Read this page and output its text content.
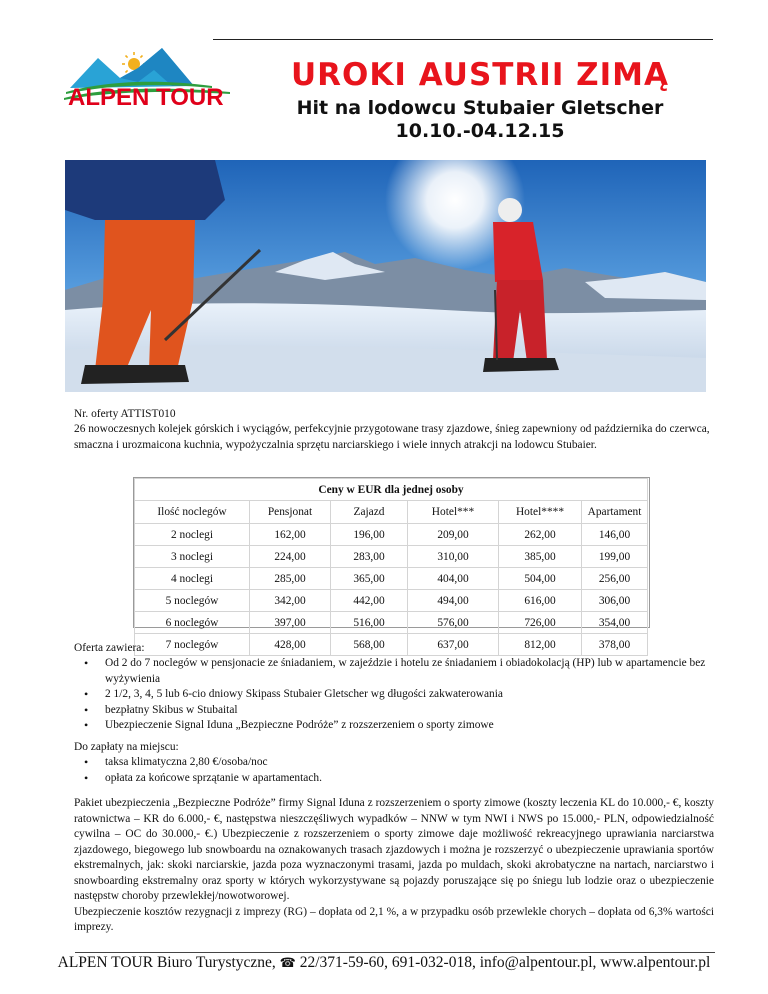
ALPEN TOUR
UROKI AUSTRII ZIMĄ
Hit na lodowcu Stubaier Gletscher
10.10.-04.12.15
Nr. oferty ATTIST010
26 nowoczesnych kolejek górskich i wyciągów, perfekcyjnie przygotowane trasy zjazdowe, śnieg zapewniony od października do czerwca, smaczna i urozmaicona kuchnia, wypożyczalnia sprzętu narciarskiego i wiele innych atrakcji na lodowcu Stubaier.
Ceny w EUR dla jednej osoby					
Ilość noclegów	Pensjonat	Zajazd	Hotel***	Hotel****	Apartament
2 noclegi	162,00	196,00	209,00	262,00	146,00
3 noclegi	224,00	283,00	310,00	385,00	199,00
4 noclegi	285,00	365,00	404,00	504,00	256,00
5 noclegów	342,00	442,00	494,00	616,00	306,00
6 noclegów	397,00	516,00	576,00	726,00	354,00
7 noclegów	428,00	568,00	637,00	812,00	378,00
Oferta zawiera:
• Od 2 do 7 noclegów w pensjonacie ze śniadaniem, w zajeździe i hotelu ze śniadaniem i obiadokolacją (HP) lub w apartamencie bez wyżywienia
• 2 1/2, 3, 4, 5 lub 6-cio dniowy Skipass Stubaier Gletscher wg długości zakwaterowania
• bezpłatny Skibus w Stubaital
• Ubezpieczenie Signal Iduna „Bezpieczne Podróże” z rozszerzeniem o sporty zimowe
Do zapłaty na miejscu:
• taksa klimatyczna 2,80 €/osoba/noc
• opłata za końcowe sprzątanie w apartamentach.
Pakiet ubezpieczenia „Bezpieczne Podróże” firmy Signal Iduna z rozszerzeniem o sporty zimowe (koszty leczenia KL do 10.000,- €, koszty ratownictwa – KR do 6.000,- €, następstwa nieszczęśliwych wypadków – NNW w tym NWI i NWS po 15.000,- PLN, odpowiedzialność cywilna – OC do 30.000,- €.) Ubezpieczenie z rozszerzeniem o sporty zimowe daje możliwość rekreacyjnego uprawiania narciarstwa zjazdowego, biegowego lub snowboardu na oznakowanych trasach zjazdowych i można je rozszerzyć o ubezpieczenie uprawiania sportów ekstremalnych, jak: skoki narciarskie, jazda poza wyznaczonymi trasami, jazda po muldach, skoki akrobatyczne na nartach, narciarstwo i snowboarding ekstremalny oraz sporty w których wykorzystywane są pojazdy poruszające się po śniegu lub lodzie oraz o ubezpieczenie następstw choroby przewlekłej/nowotworowej.
Ubezpieczenie kosztów rezygnacji z imprezy (RG) – dopłata od 2,1 %, a w przypadku osób przewlekle chorych – dopłata od 6,3% wartości imprezy.
ALPEN TOUR Biuro Turystyczne, ☎ 22/371-59-60, 691-032-018, info@alpentour.pl, www.alpentour.pl
